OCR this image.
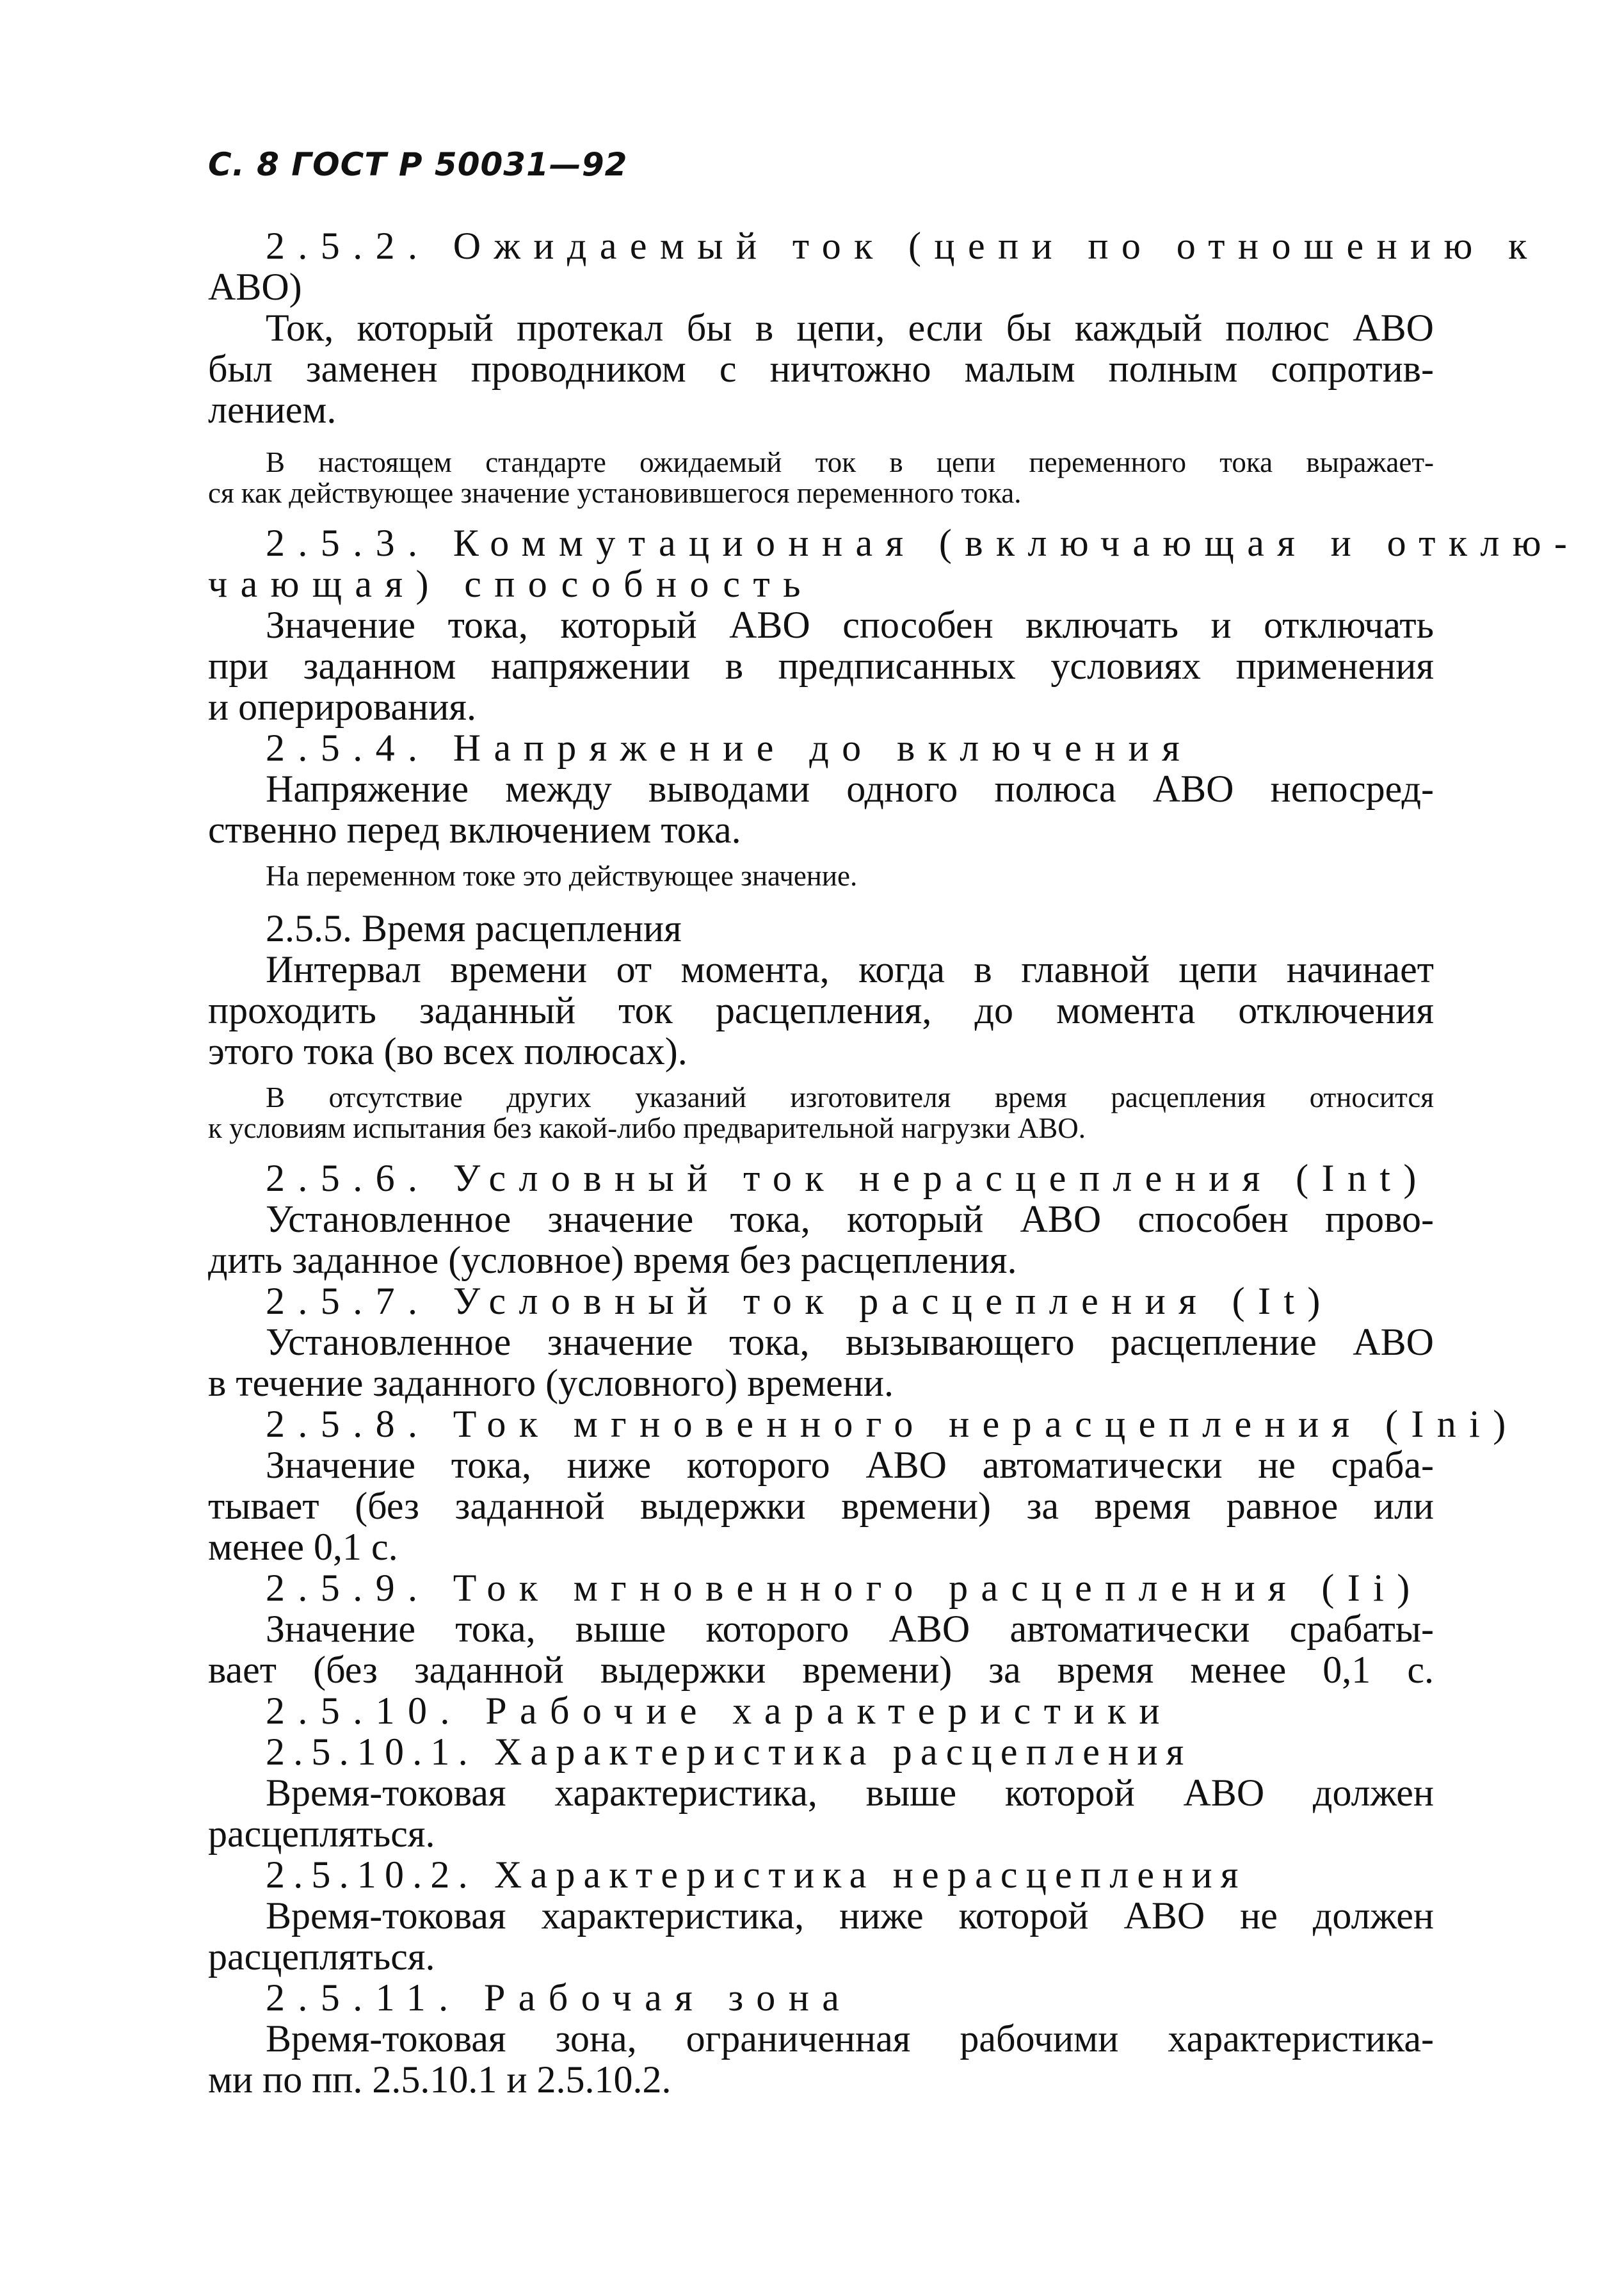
С. 8 ГОСТ Р 50031—92
2.5.2. Ожидаемый ток (цепи по отношению к
АВО)
Ток, который протекал бы в цепи, если бы каждый полюс АВО
был заменен проводником с ничтожно малым полным сопротив-
лением.
В настоящем стандарте ожидаемый ток в цепи переменного тока выражает-
ся как действующее значение установившегося переменного тока.
2.5.3. Коммутационная (включающая и отклю-
чающая) способность
Значение тока, который АВО способен включать и отключать
при заданном напряжении в предписанных условиях применения
и оперирования.
2.5.4. Напряжение до включения
Напряжение между выводами одного полюса АВО непосред-
ственно перед включением тока.
На переменном токе это действующее значение.
2.5.5. Время расцепления
Интервал времени от момента, когда в главной цепи начинает
проходить заданный ток расцепления, до момента отключения
этого тока (во всех полюсах).
В отсутствие других указаний изготовителя время расцепления относится
к условиям испытания без какой-либо предварительной нагрузки АВО.
2.5.6. Условный ток нерасцепления (Int)
Установленное значение тока, который АВО способен прово-
дить заданное (условное) время без расцепления.
2.5.7. Условный ток расцепления (It)
Установленное значение тока, вызывающего расцепление АВО
в течение заданного (условного) времени.
2.5.8. Ток мгновенного нерасцепления (Ini)
Значение тока, ниже которого АВО автоматически не сраба-
тывает (без заданной выдержки времени) за время равное или
менее 0,1 с.
2.5.9. Ток мгновенного расцепления (Ii)
Значение тока, выше которого АВО автоматически срабаты-
вает (без заданной выдержки времени) за время менее 0,1 с.
2.5.10. Рабочие характеристики
2.5.10.1. Характеристика расцепления
Время-токовая характеристика, выше которой АВО должен
расцепляться.
2.5.10.2. Характеристика нерасцепления
Время-токовая характеристика, ниже которой АВО не должен
расцепляться.
2.5.11. Рабочая зона
Время-токовая зона, ограниченная рабочими характеристика-
ми по пп. 2.5.10.1 и 2.5.10.2.
